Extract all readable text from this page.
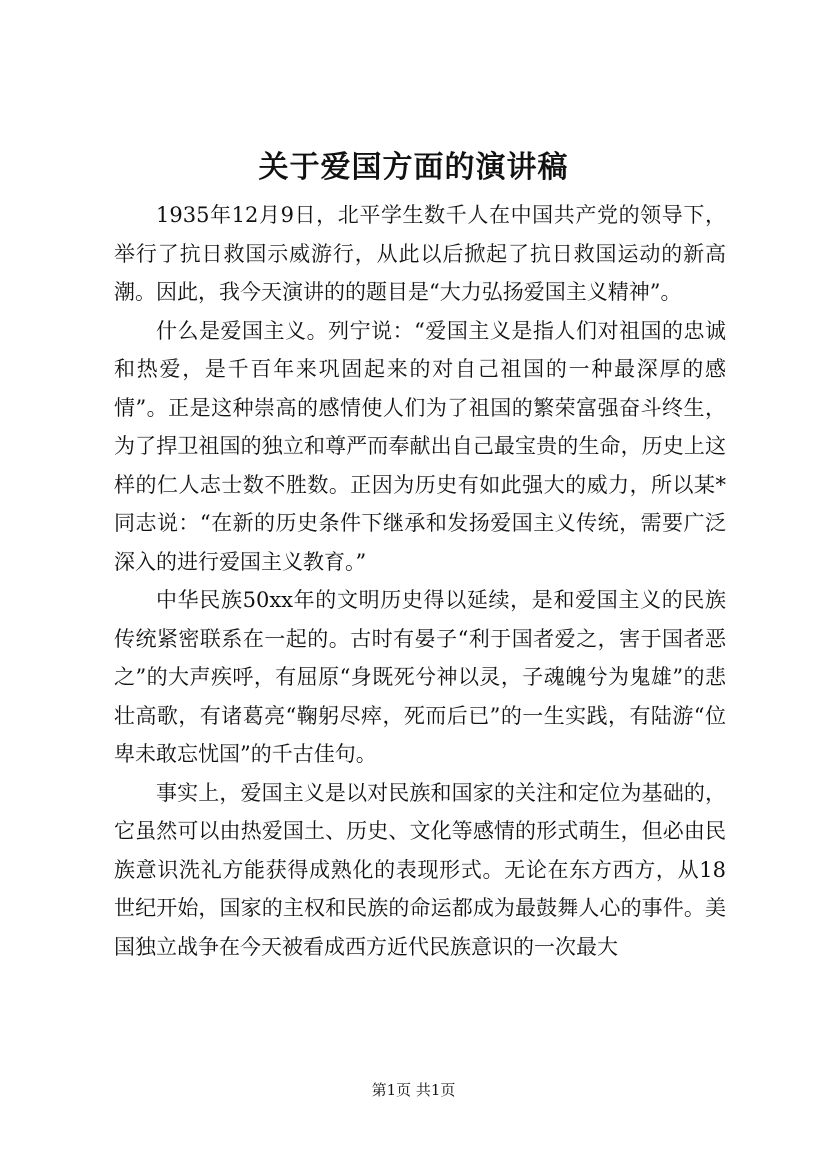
关于爱国方面的演讲稿

1935年12月9日，北平学生数千人在中国共产党的领导下，举行了抗日救国示威游行，从此以后掀起了抗日救国运动的新高潮。因此，我今天演讲的的题目是“大力弘扬爱国主义精神”。

什么是爱国主义。列宁说：“爱国主义是指人们对祖国的忠诚和热爱，是千百年来巩固起来的对自己祖国的一种最深厚的感情”。正是这种崇高的感情使人们为了祖国的繁荣富强奋斗终生，为了捍卫祖国的独立和尊严而奉献出自己最宝贵的生命，历史上这样的仁人志士数不胜数。正因为历史有如此强大的威力，所以某*同志说：“在新的历史条件下继承和发扬爱国主义传统，需要广泛深入的进行爱国主义教育。”

中华民族50xx年的文明历史得以延续，是和爱国主义的民族传统紧密联系在一起的。古时有晏子“利于国者爱之，害于国者恶之”的大声疾呼，有屈原“身既死兮神以灵，子魂魄兮为鬼雄”的悲壮高歌，有诸葛亮“鞠躬尽瘁，死而后已”的一生实践，有陆游“位卑未敢忘忧国”的千古佳句。

事实上，爱国主义是以对民族和国家的关注和定位为基础的，它虽然可以由热爱国土、历史、文化等感情的形式萌生，但必由民族意识洗礼方能获得成熟化的表现形式。无论在东方西方，从18世纪开始，国家的主权和民族的命运都成为最鼓舞人心的事件。美国独立战争在今天被看成西方近代民族意识的一次最大

第1页 共1页
